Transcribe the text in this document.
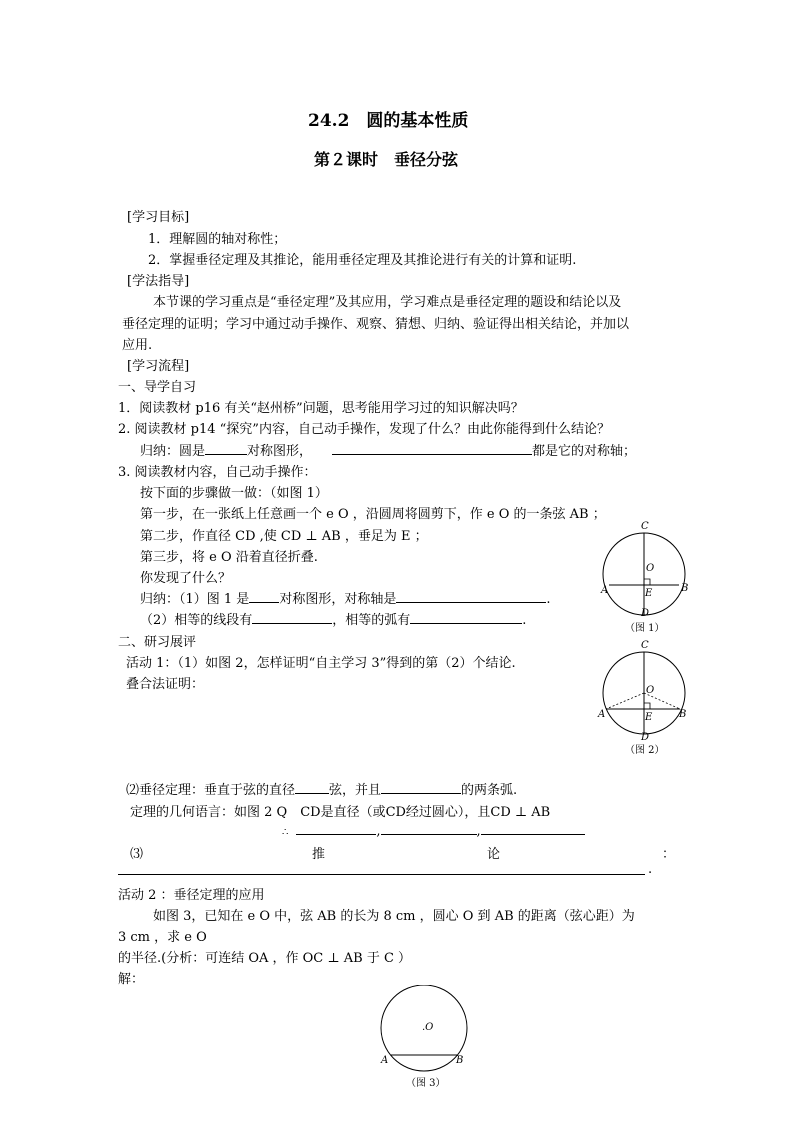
24.2　圆的基本性质
第２课时　垂径分弦
[学习目标]
1．理解圆的轴对称性；
2．掌握垂径定理及其推论，能用垂径定理及其推论进行有关的计算和证明.
[学法指导]
本节课的学习重点是“垂径定理”及其应用，学习难点是垂径定理的题设和结论以及
垂径定理的证明；学习中通过动手操作、观察、猜想、归纳、验证得出相关结论，并加以
应用.
[学习流程]
一、导学自习
1．阅读教材 p16 有关“赵州桥”问题，思考能用学习过的知识解决吗？
2. 阅读教材 p14 “探究”内容，自己动手操作，发现了什么？由此你能得到什么结论？
归纳：圆是	对称图形，	都是它的对称轴；
3. 阅读教材内容，自己动手操作：
按下面的步骤做一做：（如图 1）
第一步，在一张纸上任意画一个 e O ，沿圆周将圆剪下，作 e O 的一条弦 AB ；
第二步，作直径 CD ,使 CD ⊥ AB ，垂足为 E ；
第三步，将 e O 沿着直径折叠.
你发现了什么？
归纳：（1）图 1 是 对称图形，对称轴是	.
（2）相等的线段有	，相等的弧有	.
二、研习展评
活动 1：（1）如图 2，怎样证明“自主学习 3”得到的第（2）个结论.
叠合法证明：
⑵垂径定理：垂直于弦的直径	弦，并且	的两条弧.
定理的几何语言：如图 2 Q　CD是直径（或CD经过圆心），且CD ⊥ AB
∴	,	,
⑶	推	论	：
.
活动 2 ：垂径定理的应用
如图 3，已知在 e O 中，弦 AB 的长为 8 cm ，圆心 O 到 AB 的距离（弦心距）为
3 cm ，求 e O
的半径.(分析：可连结 OA ，作 OC ⊥ AB 于 C ）
解：
C
O
A	E	B
D
（图 1）
C
O
A	E	B
D
（图 2）
.O
A	B
（图 3）
